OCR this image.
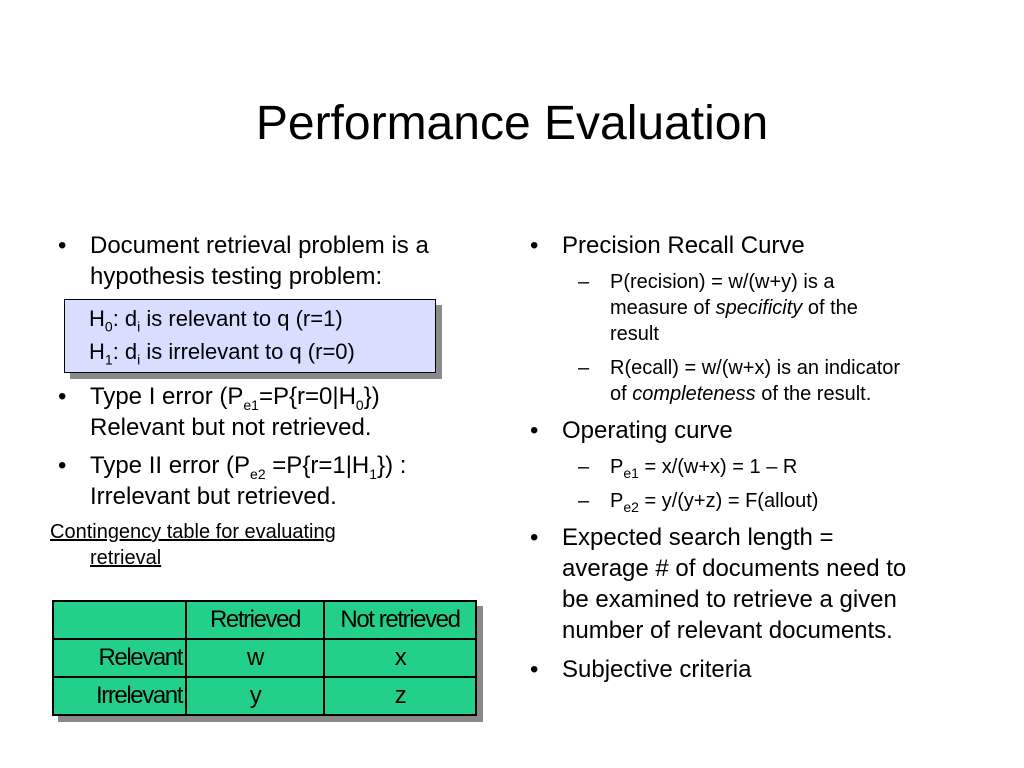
Performance Evaluation
• Document retrieval problem is a
hypothesis testing problem:
$H_0$: $d_i$ is relevant to q (r=1)
$H_1$: $d_i$ is irrelevant to q (r=0)
• Type I error $(P_{e1}=P\{r=0|H_0\})$
Relevant but not retrieved.
• Type II error $(P_{e2} =P\{r=1|H_1\})$ :
Irrelevant but retrieved.
Contingency table for evaluating
retrieval
	Retrieved	Not retrieved
Relevant	w	x
Irrelevant	y	z
• Precision Recall Curve
– P(recision) = w/(w+y) is a
measure of specificity of the
result
– R(ecall) = w/(w+x) is an indicator
of completeness of the result.
• Operating curve
– $P_{e1} = x/(w+x) = 1 - R$
– $P_{e2} = y/(y+z)$ = F(allout)
• Expected search length =
average # of documents need to
be examined to retrieve a given
number of relevant documents.
• Subjective criteria
